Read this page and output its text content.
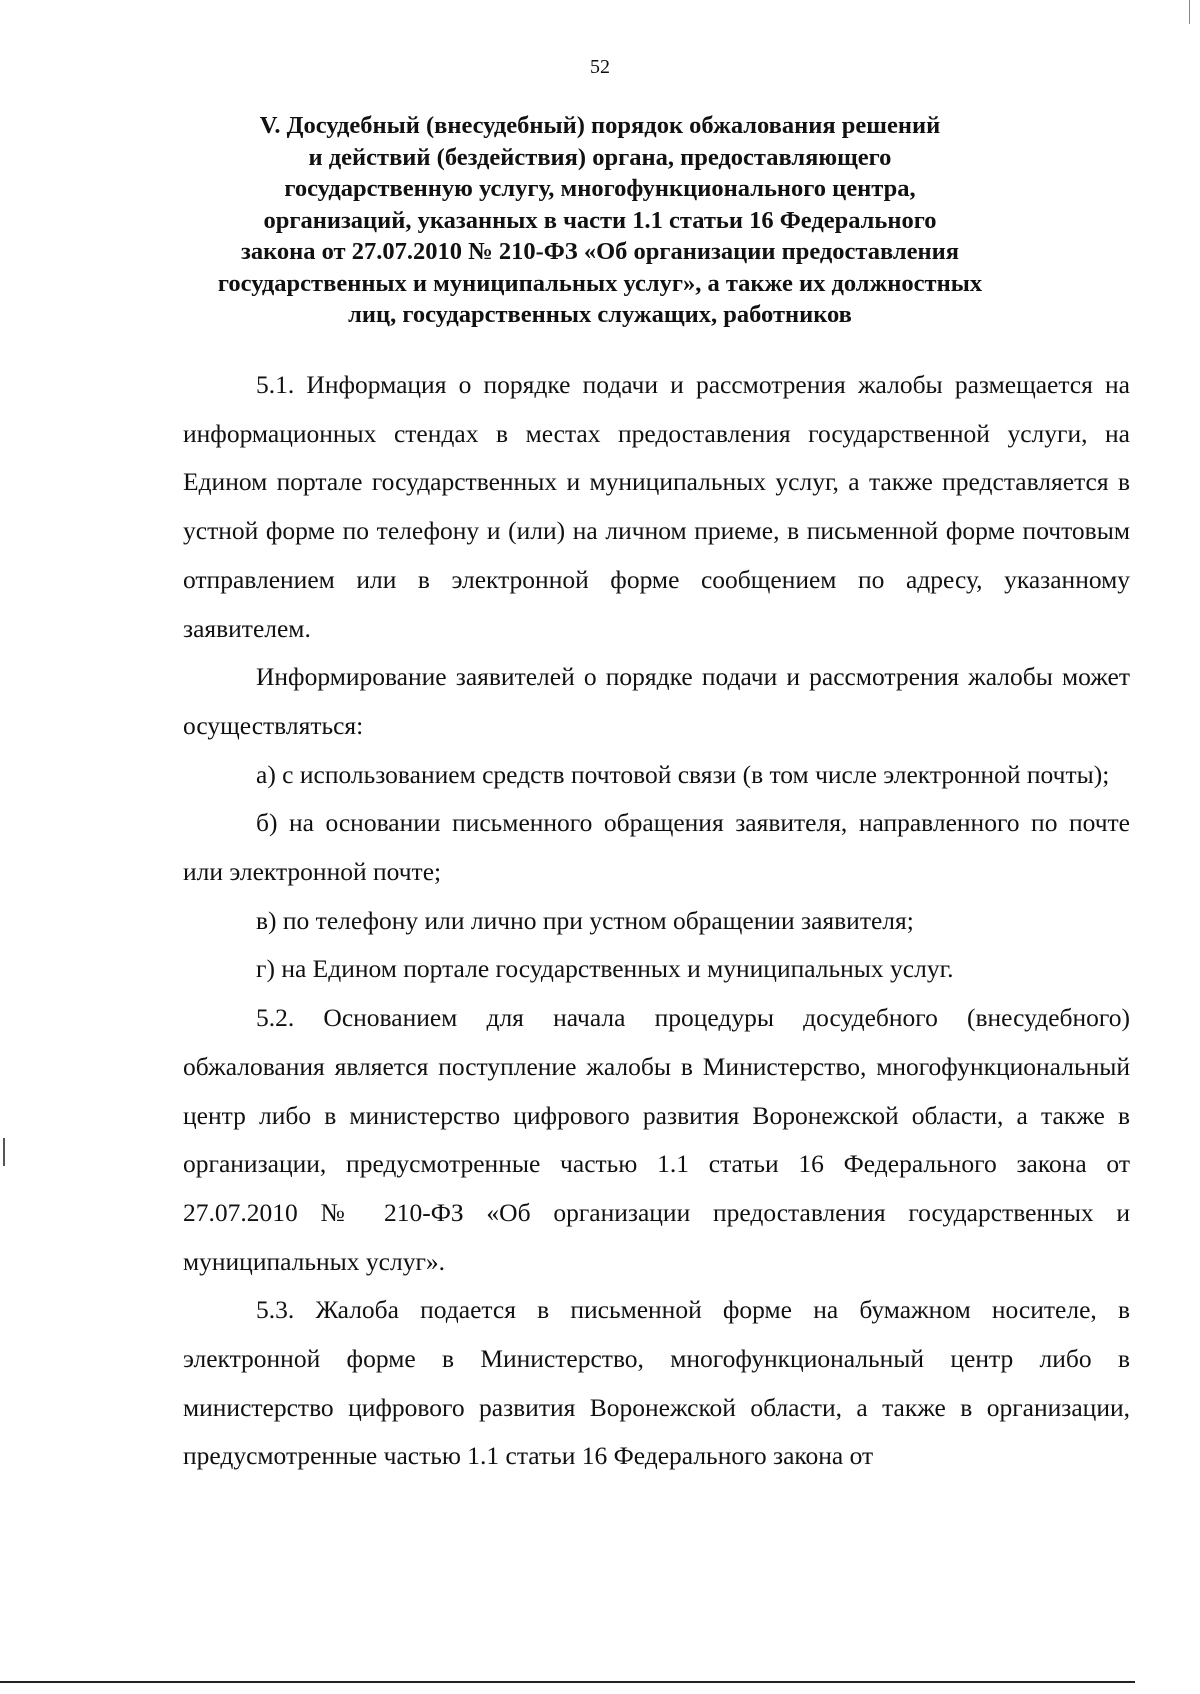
52
V. Досудебный (внесудебный) порядок обжалования решений
и действий (бездействия) органа, предоставляющего
государственную услугу, многофункционального центра,
организаций, указанных в части 1.1 статьи 16 Федерального
закона от 27.07.2010 № 210-ФЗ «Об организации предоставления
государственных и муниципальных услуг», а также их должностных
лиц, государственных служащих, работников

5.1. Информация о порядке подачи и рассмотрения жалобы размещается на информационных стендах в местах предоставления государственной услуги, на Едином портале государственных и муниципальных услуг, а также представляется в устной форме по телефону и (или) на личном приеме, в письменной форме почтовым отправлением или в электронной форме сообщением по адресу, указанному заявителем.

Информирование заявителей о порядке подачи и рассмотрения жалобы может осуществляться:

а) с использованием средств почтовой связи (в том числе электронной почты);

б) на основании письменного обращения заявителя, направленного по почте или электронной почте;

в) по телефону или лично при устном обращении заявителя;

г) на Едином портале государственных и муниципальных услуг.

5.2. Основанием для начала процедуры досудебного (внесудебного) обжалования является поступление жалобы в Министерство, многофункциональный центр либо в министерство цифрового развития Воронежской области, а также в организации, предусмотренные частью 1.1 статьи 16 Федерального закона от 27.07.2010 № 210-ФЗ «Об организации предоставления государственных и муниципальных услуг».

5.3. Жалоба подается в письменной форме на бумажном носителе, в электронной форме в Министерство, многофункциональный центр либо в министерство цифрового развития Воронежской области, а также в организации, предусмотренные частью 1.1 статьи 16 Федерального закона от
